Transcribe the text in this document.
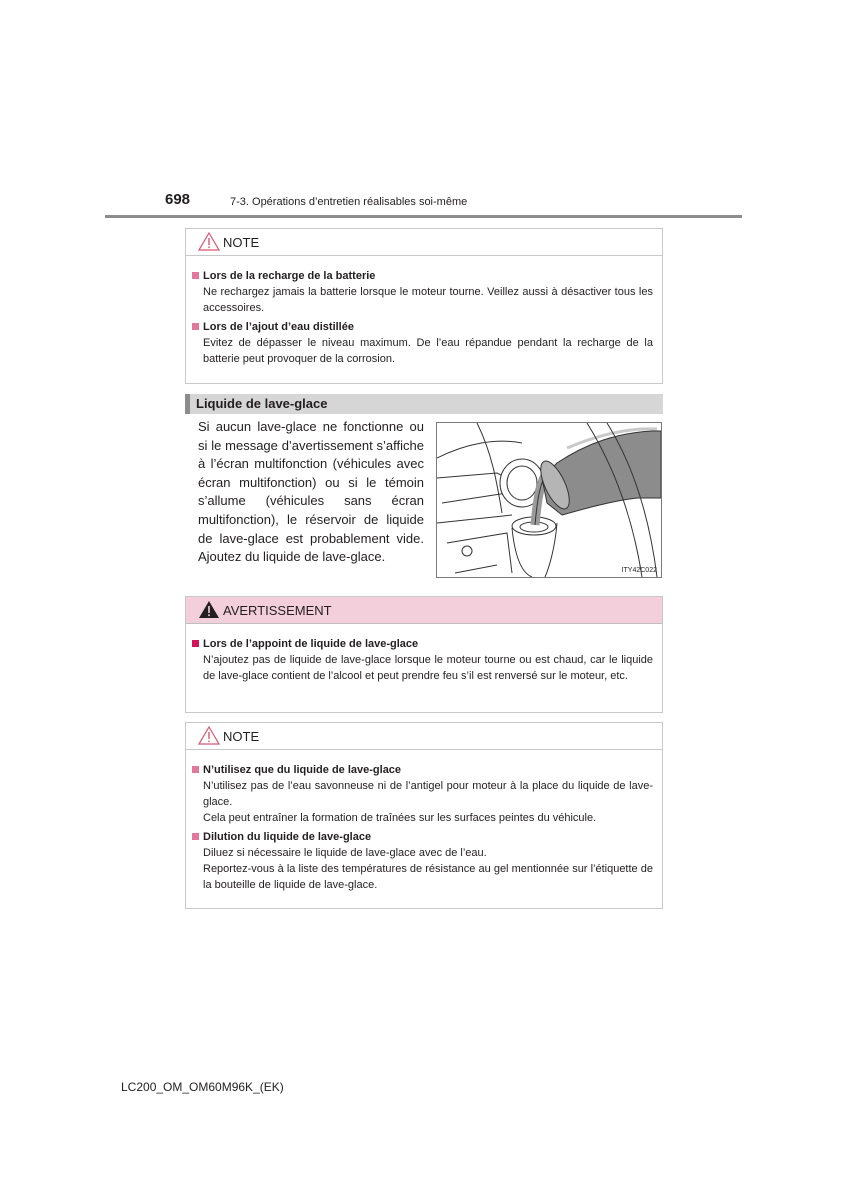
698	7-3. Opérations d’entretien réalisables soi-même
NOTE
Lors de la recharge de la batterie
Ne rechargez jamais la batterie lorsque le moteur tourne. Veillez aussi à désactiver tous les accessoires.
Lors de l’ajout d’eau distillée
Evitez de dépasser le niveau maximum. De l’eau répandue pendant la recharge de la batterie peut provoquer de la corrosion.
Liquide de lave-glace
Si aucun lave-glace ne fonctionne ou si le message d’avertissement s’affiche à l’écran multifonction (véhicules avec écran multifonction) ou si le témoin s’allume (véhicules sans écran multifonction), le réservoir de liquide de lave-glace est probablement vide. Ajoutez du liquide de lave-glace.
ITY42C022
AVERTISSEMENT
Lors de l’appoint de liquide de lave-glace
N’ajoutez pas de liquide de lave-glace lorsque le moteur tourne ou est chaud, car le liquide de lave-glace contient de l’alcool et peut prendre feu s’il est renversé sur le moteur, etc.
NOTE
N’utilisez que du liquide de lave-glace
N’utilisez pas de l’eau savonneuse ni de l’antigel pour moteur à la place du liquide de lave-glace.
Cela peut entraîner la formation de traînées sur les surfaces peintes du véhicule.
Dilution du liquide de lave-glace
Diluez si nécessaire le liquide de lave-glace avec de l’eau.
Reportez-vous à la liste des températures de résistance au gel mentionnée sur l’étiquette de la bouteille de liquide de lave-glace.
LC200_OM_OM60M96K_(EK)
